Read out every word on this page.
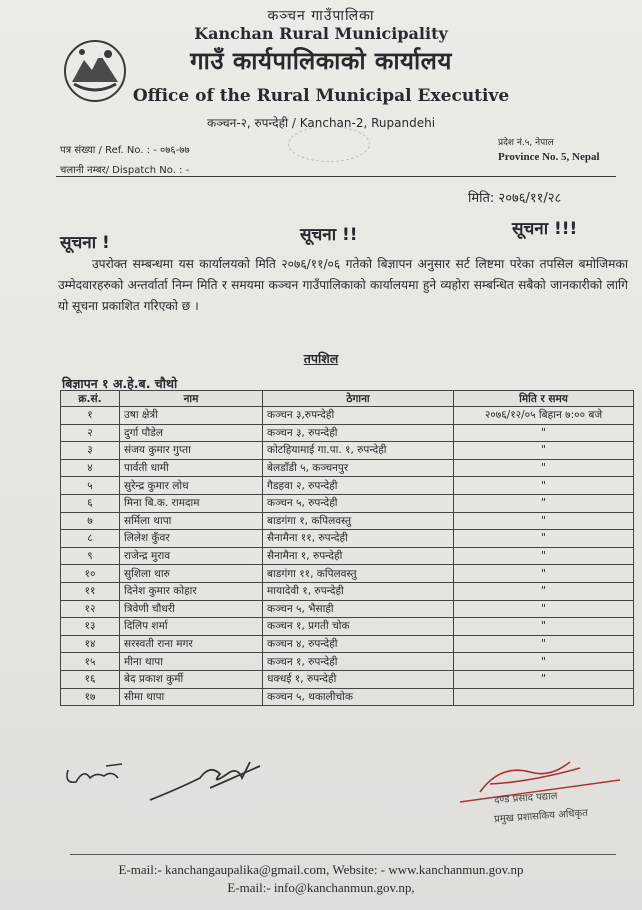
कञ्चन गाउँपालिका
Kanchan Rural Municipality
गाउँ कार्यपालिकाको कार्यालय
Office of the Rural Municipal Executive
कञ्चन-२, रुपन्देही / Kanchan-2, Rupandehi
पत्र संख्या / Ref. No. : - ०७६-७७
चलानी नम्बर/ Dispatch No. : -
प्रदेश नं.५, नेपाल
Province No. 5, Nepal
मिति: २०७६/११/२८
सूचना !	सूचना !!	सूचना !!!
उपरोक्त सम्बन्धमा यस कार्यालयको मिति २०७६/११/०६ गतेको बिज्ञापन अनुसार सर्ट लिष्टमा परेका तपसिल बमोजिमका उम्मेदवारहरुको अन्तर्वार्ता निम्न मिति र समयमा कञ्चन गाउँपालिकाको कार्यालयमा हुने व्यहोरा सम्बन्धित सबैको जानकारीको लागि यो सूचना प्रकाशित गरिएको छ ।
तपशिल
बिज्ञापन १ अ.हे.ब. चौथो
क्र.सं.	नाम	ठेगाना	मिति र समय
१	उषा क्षेत्री	कञ्चन ३,रुपन्देही	२०७६/१२/०५ बिहान ७:०० बजे
२	दुर्गा पौडेल	कञ्चन ३, रुपन्देही	"
३	संजय कुमार गुप्ता	कोटहियामाई गा.पा. १, रुपन्देही	"
४	पार्वती धामी	बेलडाँडी ५, कञ्चनपुर	"
५	सुरेन्द्र कुमार लोध	गैडहवा २, रुपन्देही	"
६	मिना बि.क. रामदाम	कञ्चन ५, रुपन्देही	"
७	सर्मिला थापा	बाडगंगा १, कपिलवस्तु	"
८	लिलेश कुँवर	सैनामैना ११, रुपन्देही	"
९	राजेन्द्र मुराव	सैनामैना १, रुपन्देही	"
१०	सुशिला थारु	बाडगंगा ११, कपिलवस्तु	"
११	दिनेश कुमार कोहार	मायादेवी १, रुपन्देही	"
१२	त्रिवेणी चौधरी	कञ्चन ५, भैसाही	"
१३	दिलिप शर्मा	कञ्चन १, प्रगती चोक	"
१४	सरस्वती राना मगर	कञ्चन ४, रुपन्देही	"
१५	मीना थापा	कञ्चन १, रुपन्देही	"
१६	बेद प्रकाश कुर्मी	धक्धई १, रुपन्देही	"
१७	सीमा थापा	कञ्चन ५, थकालीचोक	
दण्ड प्रसाद पद्याल
प्रमुख प्रशासकिय अधिकृत
E-mail:- kanchangaupalika@gmail.com, Website: - www.kanchanmun.gov.np
E-mail:- info@kanchanmun.gov.np,
